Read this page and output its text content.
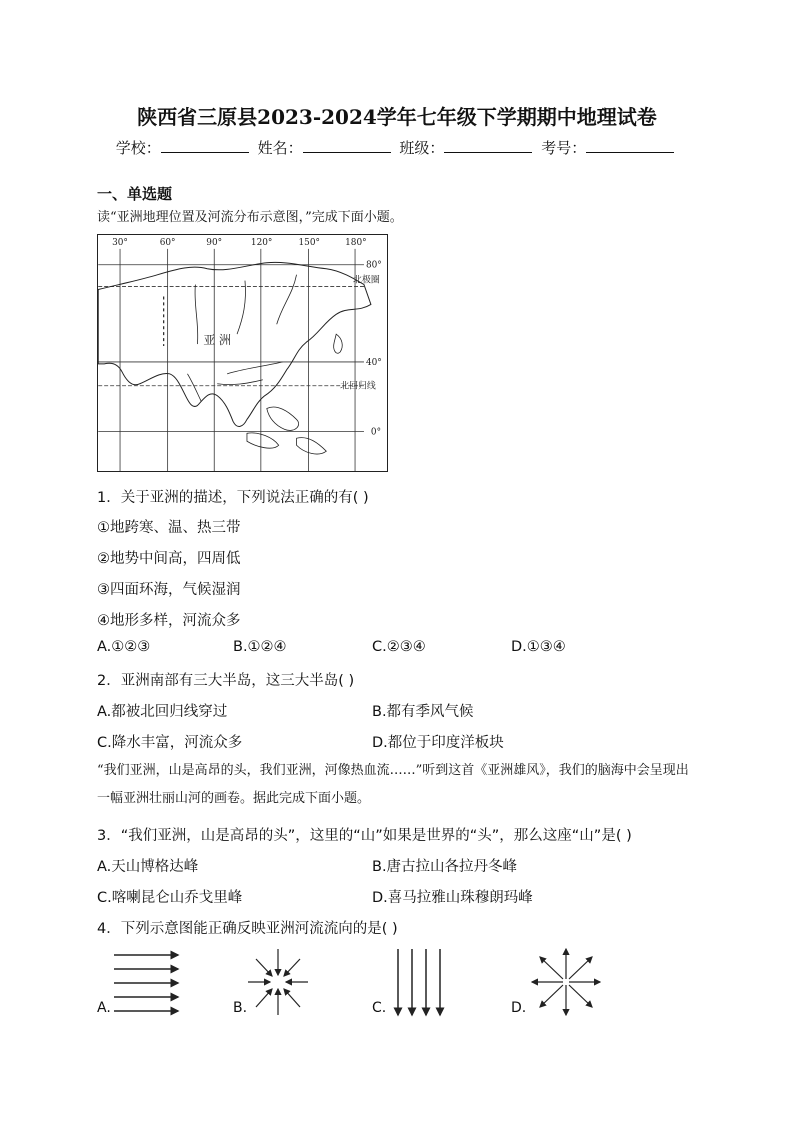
陕西省三原县2023-2024学年七年级下学期期中地理试卷
学校：	姓名：	班级：	考号：
一、单选题
读“亚洲地理位置及河流分布示意图，”完成下面小题。
30°	60°	90°	120°	150°	180°
80°
北极圈
40°
北回归线
0°
亚 洲
1．关于亚洲的描述，下列说法正确的有( )
①地跨寒、温、热三带
②地势中间高，四周低
③四面环海，气候湿润
④地形多样，河流众多
A.①②③	B.①②④	C.②③④	D.①③④
2．亚洲南部有三大半岛，这三大半岛( )
A.都被北回归线穿过	B.都有季风气候
C.降水丰富，河流众多	D.都位于印度洋板块
“我们亚洲，山是高昂的头，我们亚洲，河像热血流……”听到这首《亚洲雄风》，我们的脑海中会呈现出一幅亚洲壮丽山河的画卷。据此完成下面小题。
3．“我们亚洲，山是高昂的头”，这里的“山”如果是世界的“头”，那么这座“山”是( )
A.天山博格达峰	B.唐古拉山各拉丹冬峰
C.喀喇昆仑山乔戈里峰	D.喜马拉雅山珠穆朗玛峰
4．下列示意图能正确反映亚洲河流流向的是( )
A.	B.	C.	D.
